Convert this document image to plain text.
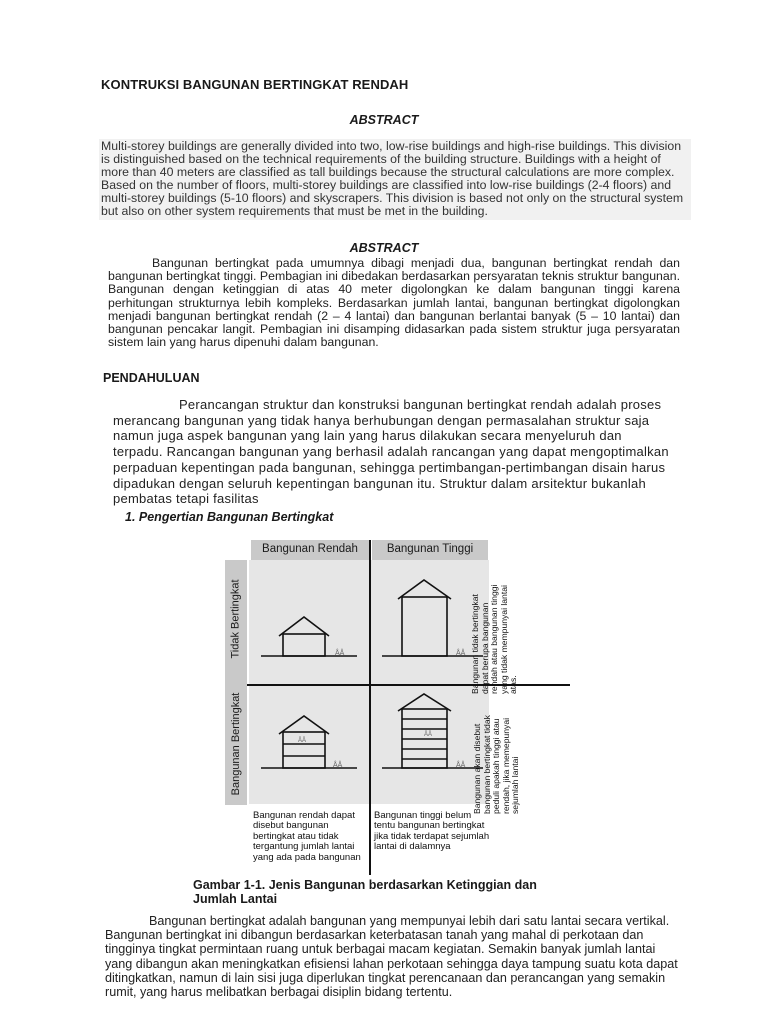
KONTRUKSI BANGUNAN BERTINGKAT RENDAH
ABSTRACT
Multi-storey buildings are generally divided into two, low-rise buildings and high-rise buildings. This division is distinguished based on the technical requirements of the building structure. Buildings with a height of more than 40 meters are classified as tall buildings because the structural calculations are more complex. Based on the number of floors, multi-storey buildings are classified into low-rise buildings (2-4 floors) and multi-storey buildings (5-10 floors) and skyscrapers. This division is based not only on the structural system but also on other system requirements that must be met in the building.
ABSTRACT
Bangunan bertingkat pada umumnya dibagi menjadi dua, bangunan bertingkat rendah dan bangunan bertingkat tinggi. Pembagian ini dibedakan berdasarkan persyaratan teknis struktur bangunan. Bangunan dengan ketinggian di atas 40 meter digolongkan ke dalam bangunan tinggi karena perhitungan strukturnya lebih kompleks. Berdasarkan jumlah lantai, bangunan bertingkat digolongkan menjadi bangunan bertingkat rendah (2 – 4 lantai) dan bangunan berlantai banyak (5 – 10 lantai) dan bangunan pencakar langit. Pembagian ini disamping didasarkan pada sistem struktur juga persyaratan sistem lain yang harus dipenuhi dalam bangunan.
PENDAHULUAN
Perancangan struktur dan konstruksi bangunan bertingkat rendah adalah proses merancang bangunan yang tidak hanya berhubungan dengan permasalahan struktur saja namun juga aspek bangunan yang lain yang harus dilakukan secara menyeluruh dan terpadu. Rancangan bangunan yang berhasil adalah rancangan yang dapat mengoptimalkan perpaduan kepentingan pada bangunan, sehingga pertimbangan-pertimbangan disain harus dipadukan dengan seluruh kepentingan bangunan itu. Struktur dalam arsitektur bukanlah pembatas tetapi fasilitas
1. Pengertian Bangunan Bertingkat
ÅÅ	ÅÅ
ÅÅ
ÅÅ
ÅÅ
ÅÅ
Bangunan Rendah	Bangunan Tinggi
Tidak Bertingkat
Bangunan Bertingkat
Bangunan tidak bertingkat dapat berupa bangunan rendah atau bangunan tinggi yang tidak mempunyai lantai atas.
Bangunan akan disebut bangunan bertingkat tidak peduli apakah tinggi atau rendah, jika memepunyai sejumlah lantai
Bangunan rendah dapat disebut bangunan bertingkat atau tidak tergantung jumlah lantai yang ada pada bangunan
Bangunan tinggi belum tentu bangunan bertingkat jika tidak terdapat sejumlah lantai di dalamnya
Gambar 1-1. Jenis Bangunan berdasarkan Ketinggian dan
Jumlah Lantai
Bangunan bertingkat adalah bangunan yang mempunyai lebih dari satu lantai secara vertikal. Bangunan bertingkat ini dibangun berdasarkan keterbatasan tanah yang mahal di perkotaan dan tingginya tingkat permintaan ruang untuk berbagai macam kegiatan. Semakin banyak jumlah lantai yang dibangun akan meningkatkan efisiensi lahan perkotaan sehingga daya tampung suatu kota dapat ditingkatkan, namun di lain sisi juga diperlukan tingkat perencanaan dan perancangan yang semakin rumit, yang harus melibatkan berbagai disiplin bidang tertentu.
